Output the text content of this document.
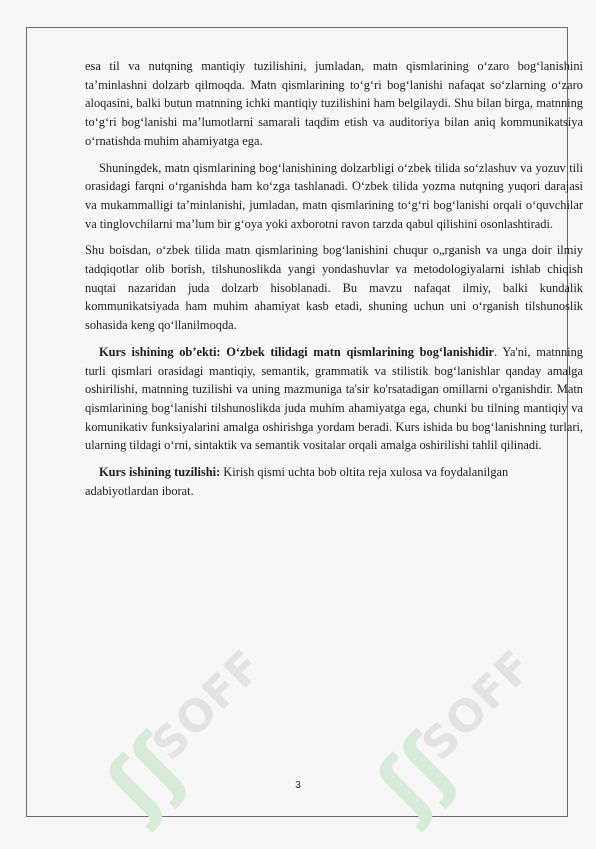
ʃʃ
SOFF
ʃʃ
SOFF

esa til va nutqning mantiqiy tuzilishini, jumladan, matn qismlarining o‘zaro bog‘lanishini ta’minlashni dolzarb qilmoqda. Matn qismlarining to‘g‘ri bog‘lanishi nafaqat so‘zlarning o‘zaro aloqasini, balki butun matnning ichki mantiqiy tuzilishini ham belgilaydi. Shu bilan birga, matnning to‘g‘ri bog‘lanishi ma’lumotlarni samarali taqdim etish va auditoriya bilan aniq kommunikatsiya o‘rnatishda muhim ahamiyatga ega.

Shuningdek, matn qismlarining bog‘lanishining dolzarbligi o‘zbek tilida so‘zlashuv va yozuv tili orasidagi farqni o‘rganishda ham ko‘zga tashlanadi. O‘zbek tilida yozma nutqning yuqori darajasi va mukammalligi ta’minlanishi, jumladan, matn qismlarining to‘g‘ri bog‘lanishi orqali o‘quvchilar va tinglovchilarni ma’lum bir g‘oya yoki axborotni ravon tarzda qabul qilishini osonlashtiradi.

Shu boisdan, o‘zbek tilida matn qismlarining bog‘lanishini chuqur o„rganish va unga doir ilmiy tadqiqotlar olib borish, tilshunoslikda yangi yondashuvlar va metodologiyalarni ishlab chiqish nuqtai nazaridan juda dolzarb hisoblanadi. Bu mavzu nafaqat ilmiy, balki kundalik kommunikatsiyada ham muhim ahamiyat kasb etadi, shuning uchun uni o‘rganish tilshunoslik sohasida keng qo‘llanilmoqda.

Kurs ishining ob’ekti: O‘zbek tilidagi matn qismlarining bog‘lanishidir. Ya'ni, matnning turli qismlari orasidagi mantiqiy, semantik, grammatik va stilistik bog‘lanishlar qanday amalga oshirilishi, matnning tuzilishi va uning mazmuniga ta'sir ko'rsatadigan omillarni o'rganishdir. Matn qismlarining bog‘lanishi tilshunoslikda juda muhim ahamiyatga ega, chunki bu tilning mantiqiy va komunikativ funksiyalarini amalga oshirishga yordam beradi. Kurs ishida bu bog‘lanishning turlari, ularning tildagi o‘rni, sintaktik va semantik vositalar orqali amalga oshirilishi tahlil qilinadi.

Kurs ishining tuzilishi: Kirish qismi uchta bob oltita reja xulosa va foydalanilgan adabiyotlardan iborat.

3
